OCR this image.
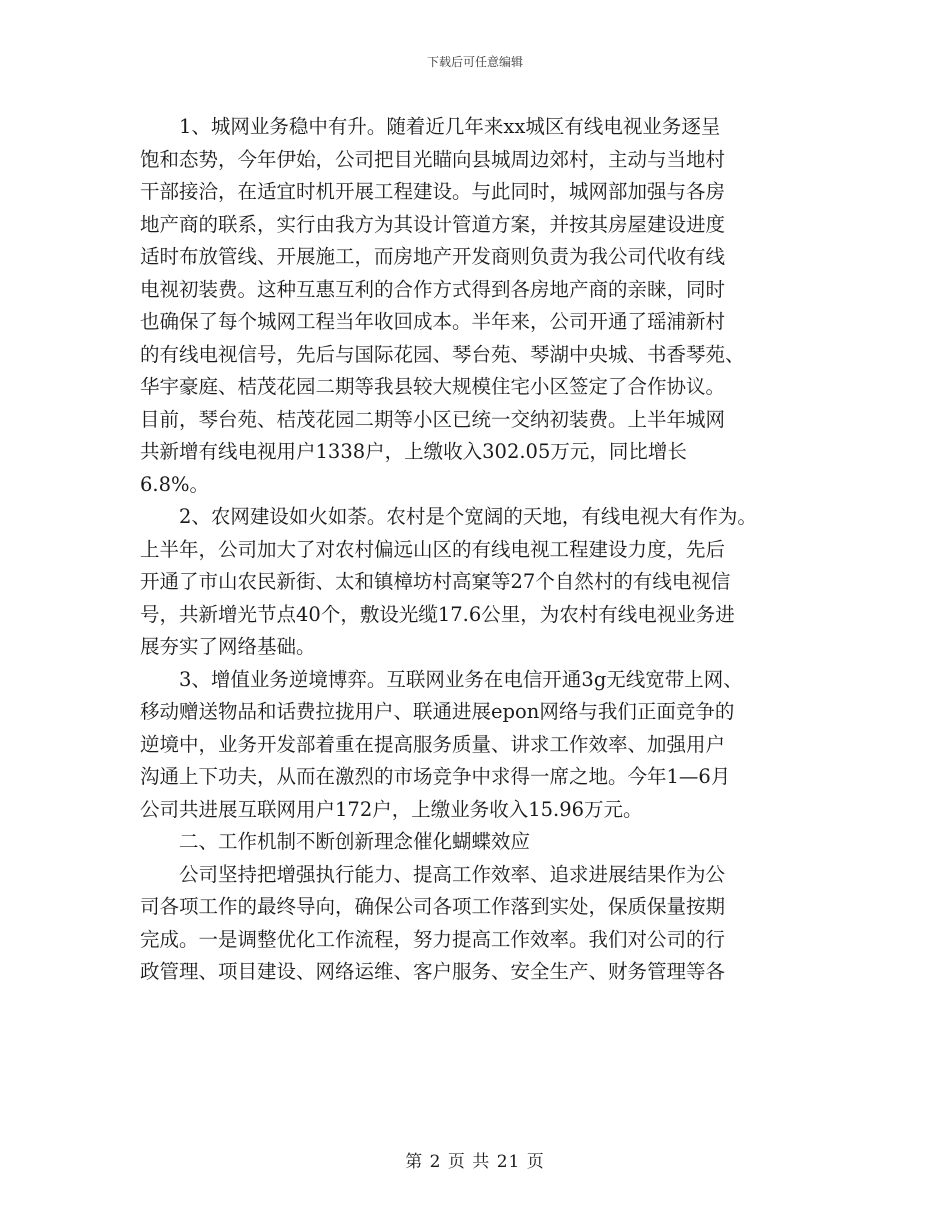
下载后可任意编辑
　　1、城网业务稳中有升。随着近几年来xx城区有线电视业务逐呈
饱和态势，今年伊始，公司把目光瞄向县城周边郊村，主动与当地村
干部接洽，在适宜时机开展工程建设。与此同时，城网部加强与各房
地产商的联系，实行由我方为其设计管道方案，并按其房屋建设进度
适时布放管线、开展施工，而房地产开发商则负责为我公司代收有线
电视初装费。这种互惠互利的合作方式得到各房地产商的亲睐，同时
也确保了每个城网工程当年收回成本。半年来，公司开通了瑶浦新村
的有线电视信号，先后与国际花园、琴台苑、琴湖中央城、书香琴苑、
华宇豪庭、桔茂花园二期等我县较大规模住宅小区签定了合作协议。
目前，琴台苑、桔茂花园二期等小区已统一交纳初装费。上半年城网
共新增有线电视用户1338户，上缴收入302.05万元，同比增长
6.8%。
　　2、农网建设如火如荼。农村是个宽阔的天地，有线电视大有作为。
上半年，公司加大了对农村偏远山区的有线电视工程建设力度，先后
开通了市山农民新街、太和镇樟坊村高窠等27个自然村的有线电视信
号，共新增光节点40个，敷设光缆17.6公里，为农村有线电视业务进
展夯实了网络基础。
　　3、增值业务逆境博弈。互联网业务在电信开通3g无线宽带上网、
移动赠送物品和话费拉拢用户、联通进展epon网络与我们正面竞争的
逆境中，业务开发部着重在提高服务质量、讲求工作效率、加强用户
沟通上下功夫，从而在激烈的市场竞争中求得一席之地。今年1—6月
公司共进展互联网用户172户，上缴业务收入15.96万元。
　　二、工作机制不断创新理念催化蝴蝶效应
　　公司坚持把增强执行能力、提高工作效率、追求进展结果作为公
司各项工作的最终导向，确保公司各项工作落到实处，保质保量按期
完成。一是调整优化工作流程，努力提高工作效率。我们对公司的行
政管理、项目建设、网络运维、客户服务、安全生产、财务管理等各
第 2 页 共 21 页
